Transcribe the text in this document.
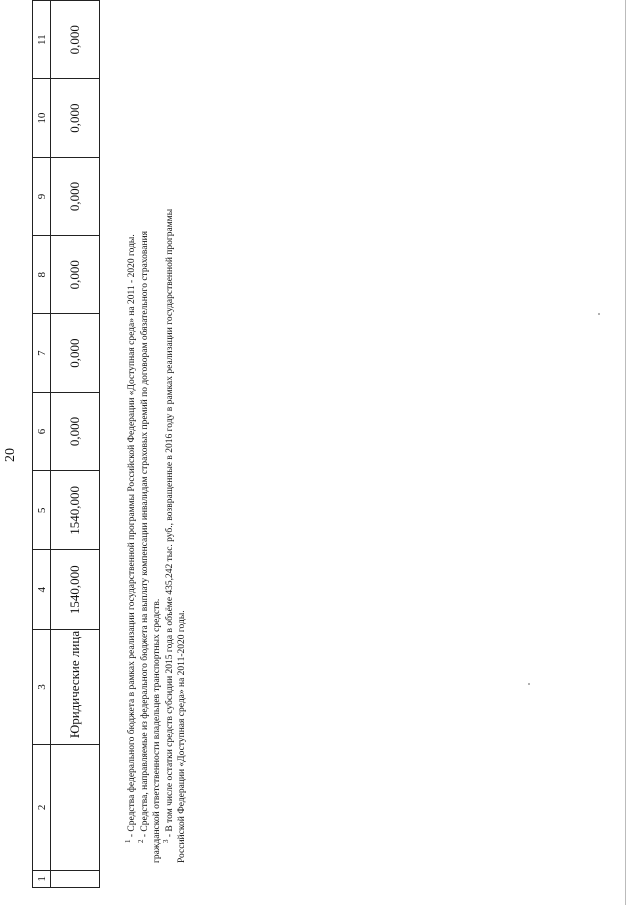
20
1	2	3	4	5	6	7	8	9	10	11
		Юридические лица	1540,000	1540,000	0,000	0,000	0,000	0,000	0,000	0,000
$^1$ - Средства федерального бюджета в рамках реализации государственной программы Российской Федерации «Доступная среда» на 2011 - 2020 годы.
$^2$ - Средства, направляемые из федерального бюджета на выплату компенсации инвалидам страховых премий по договорам обязательного страхования гражданской ответственности владельцев транспортных средств. $^3$ - В том числе остатки средств субсидии 2015 года в объёме 435,242 тыс. руб., возвращенные в 2016 году в рамках реализации государственной программы Российской Федерации «Доступная среда» на 2011-2020 годы.
